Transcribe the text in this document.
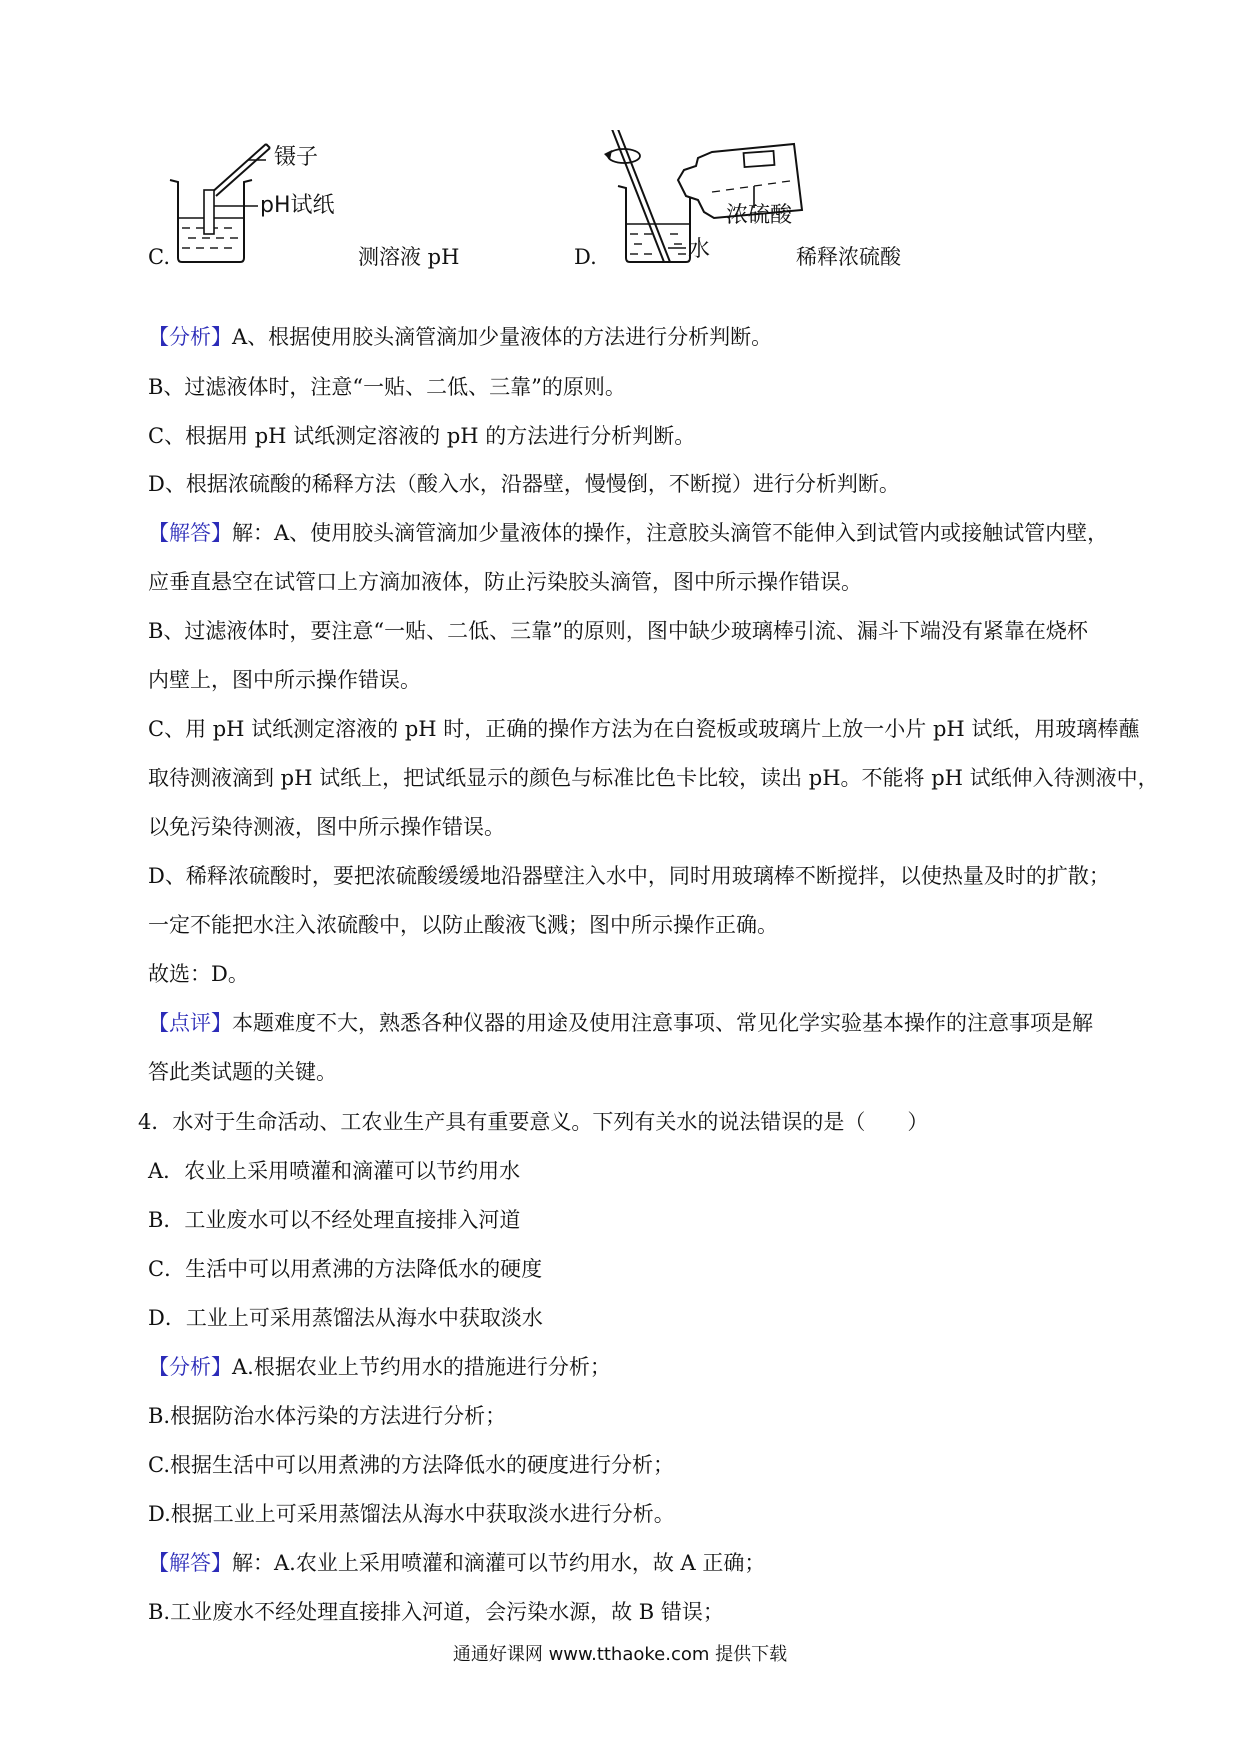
C.
镊子
pH试纸
测溶液 pH	D.
浓硫酸
水	稀释浓硫酸
【分析】A、根据使用胶头滴管滴加少量液体的方法进行分析判断。
B、过滤液体时，注意“一贴、二低、三靠”的原则。
C、根据用 pH 试纸测定溶液的 pH 的方法进行分析判断。
D、根据浓硫酸的稀释方法（酸入水，沿器壁，慢慢倒，不断搅）进行分析判断。
【解答】解：A、使用胶头滴管滴加少量液体的操作，注意胶头滴管不能伸入到试管内或接触试管内壁，
应垂直悬空在试管口上方滴加液体，防止污染胶头滴管，图中所示操作错误。
B、过滤液体时，要注意“一贴、二低、三靠”的原则，图中缺少玻璃棒引流、漏斗下端没有紧靠在烧杯
内壁上，图中所示操作错误。
C、用 pH 试纸测定溶液的 pH 时，正确的操作方法为在白瓷板或玻璃片上放一小片 pH 试纸，用玻璃棒蘸
取待测液滴到 pH 试纸上，把试纸显示的颜色与标准比色卡比较，读出 pH。不能将 pH 试纸伸入待测液中，
以免污染待测液，图中所示操作错误。
D、稀释浓硫酸时，要把浓硫酸缓缓地沿器壁注入水中，同时用玻璃棒不断搅拌，以使热量及时的扩散；
一定不能把水注入浓硫酸中，以防止酸液飞溅；图中所示操作正确。
故选：D。
【点评】本题难度不大，熟悉各种仪器的用途及使用注意事项、常见化学实验基本操作的注意事项是解
答此类试题的关键。
4．水对于生命活动、工农业生产具有重要意义。下列有关水的说法错误的是（　　）
A．农业上采用喷灌和滴灌可以节约用水
B．工业废水可以不经处理直接排入河道
C．生活中可以用煮沸的方法降低水的硬度
D．工业上可采用蒸馏法从海水中获取淡水
【分析】A.根据农业上节约用水的措施进行分析；
B.根据防治水体污染的方法进行分析；
C.根据生活中可以用煮沸的方法降低水的硬度进行分析；
D.根据工业上可采用蒸馏法从海水中获取淡水进行分析。
【解答】解：A.农业上采用喷灌和滴灌可以节约用水，故 A 正确；
B.工业废水不经处理直接排入河道，会污染水源，故 B 错误；
通通好课网 www.tthaoke.com 提供下载
